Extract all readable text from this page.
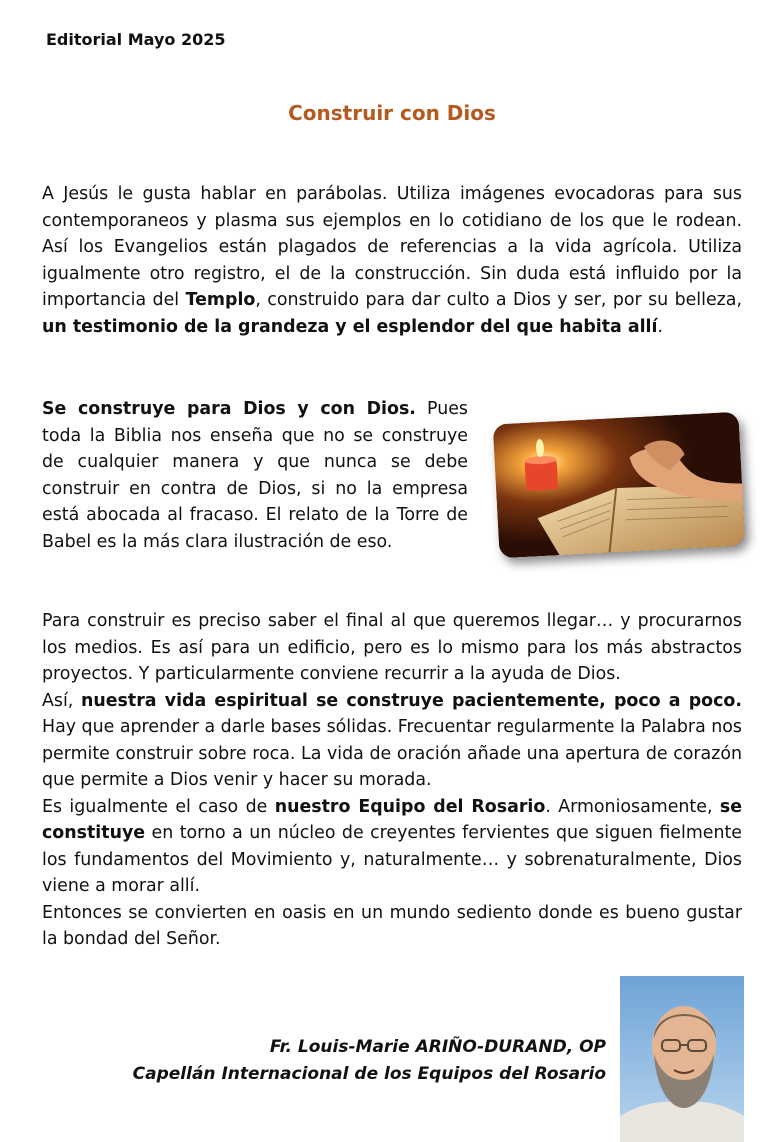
Editorial Mayo 2025
Construir con Dios

A Jesús le gusta hablar en parábolas. Utiliza imágenes evocadoras para sus contemporaneos y plasma sus ejemplos en lo cotidiano de los que le rodean. Así los Evangelios están plagados de referencias a la vida agrícola. Utiliza igualmente otro registro, el de la construcción. Sin duda está influido por la importancia del Templo, construido para dar culto a Dios y ser, por su belleza, un testimonio de la grandeza y el esplendor del que habita allí.

Se construye para Dios y con Dios. Pues toda la Biblia nos enseña que no se construye de cualquier manera y que nunca se debe construir en contra de Dios, si no la empresa está abocada al fracaso. El relato de la Torre de Babel es la más clara ilustración de eso.

Para construir es preciso saber el final al que queremos llegar… y procurarnos los medios. Es así para un edificio, pero es lo mismo para los más abstractos proyectos. Y particularmente conviene recurrir a la ayuda de Dios.
Así, nuestra vida espiritual se construye pacientemente, poco a poco. Hay que aprender a darle bases sólidas. Frecuentar regularmente la Palabra nos permite construir sobre roca. La vida de oración añade una apertura de corazón que permite a Dios venir y hacer su morada.
Es igualmente el caso de nuestro Equipo del Rosario. Armoniosamente, se constituye en torno a un núcleo de creyentes fervientes que siguen fielmente los fundamentos del Movimiento y, naturalmente… y sobrenaturalmente, Dios viene a morar allí.
Entonces se convierten en oasis en un mundo sediento donde es bueno gustar la bondad del Señor.

Fr. Louis-Marie ARIÑO-DURAND, OP
Capellán Internacional de los Equipos del Rosario
